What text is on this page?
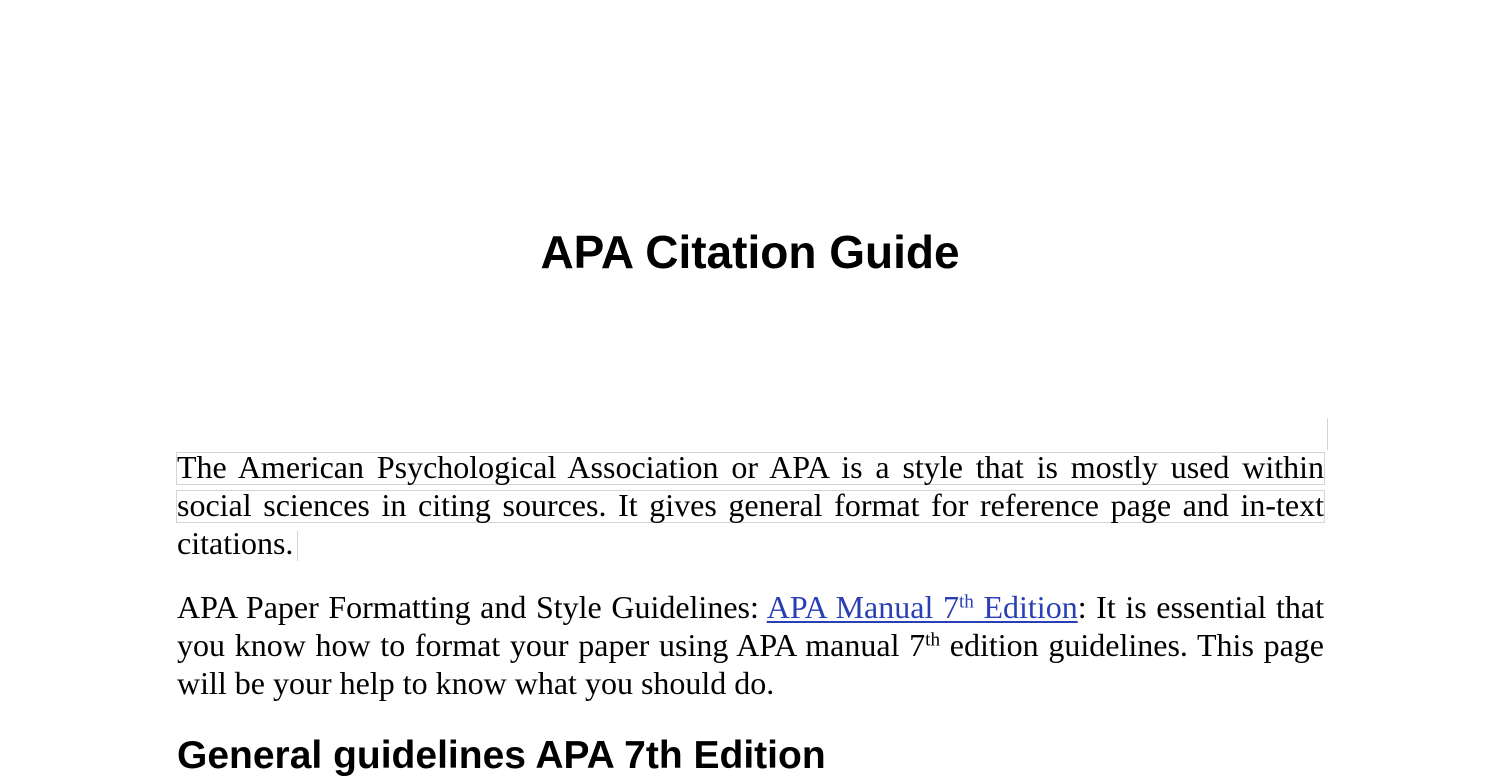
APA Citation Guide
The American Psychological Association or APA is a style that is mostly used within
social sciences in citing sources. It gives general format for reference page and in-text
citations.
APA Paper Formatting and Style Guidelines: APA Manual 7th Edition: It is essential that
you know how to format your paper using APA manual 7th edition guidelines. This page
will be your help to know what you should do.
General guidelines APA 7th Edition
